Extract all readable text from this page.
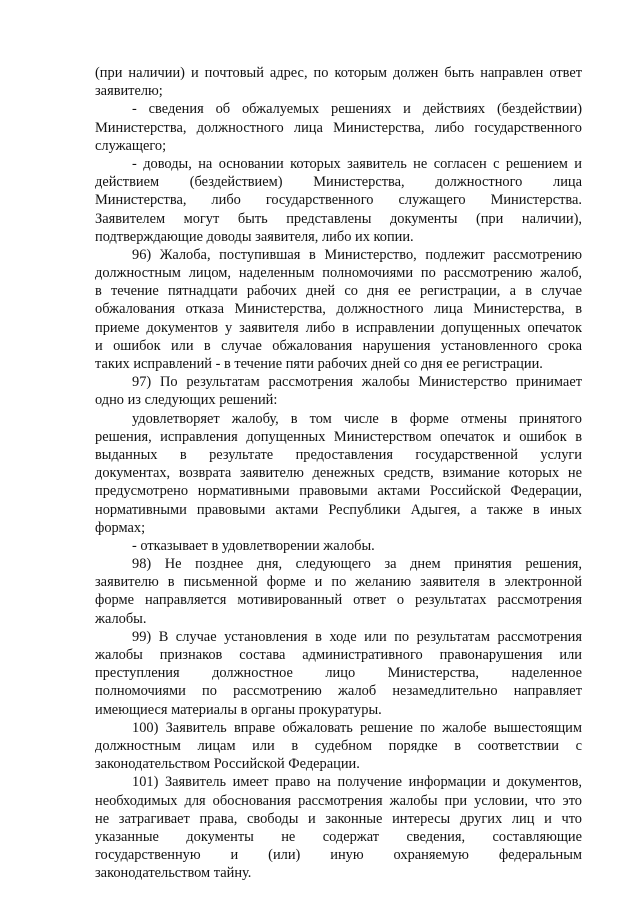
(при наличии) и почтовый адрес, по которым должен быть направлен ответ
заявителю;
- сведения об обжалуемых решениях и действиях (бездействии)
Министерства, должностного лица Министерства, либо государственного
служащего;
- доводы, на основании которых заявитель не согласен с решением и
действием (бездействием) Министерства, должностного лица
Министерства, либо государственного служащего Министерства.
Заявителем могут быть представлены документы (при наличии),
подтверждающие доводы заявителя, либо их копии.
96) Жалоба, поступившая в Министерство, подлежит рассмотрению
должностным лицом, наделенным полномочиями по рассмотрению жалоб,
в течение пятнадцати рабочих дней со дня ее регистрации, а в случае
обжалования отказа Министерства, должностного лица Министерства, в
приеме документов у заявителя либо в исправлении допущенных опечаток
и ошибок или в случае обжалования нарушения установленного срока
таких исправлений - в течение пяти рабочих дней со дня ее регистрации.
97) По результатам рассмотрения жалобы Министерство принимает
одно из следующих решений:
удовлетворяет жалобу, в том числе в форме отмены принятого
решения, исправления допущенных Министерством опечаток и ошибок в
выданных в результате предоставления государственной услуги
документах, возврата заявителю денежных средств, взимание которых не
предусмотрено нормативными правовыми актами Российской Федерации,
нормативными правовыми актами Республики Адыгея, а также в иных
формах;
- отказывает в удовлетворении жалобы.
98) Не позднее дня, следующего за днем принятия решения,
заявителю в письменной форме и по желанию заявителя в электронной
форме направляется мотивированный ответ о результатах рассмотрения
жалобы.
99) В случае установления в ходе или по результатам рассмотрения
жалобы признаков состава административного правонарушения или
преступления должностное лицо Министерства, наделенное
полномочиями по рассмотрению жалоб незамедлительно направляет
имеющиеся материалы в органы прокуратуры.
100) Заявитель вправе обжаловать решение по жалобе вышестоящим
должностным лицам или в судебном порядке в соответствии с
законодательством Российской Федерации.
101) Заявитель имеет право на получение информации и документов,
необходимых для обоснования рассмотрения жалобы при условии, что это
не затрагивает права, свободы и законные интересы других лиц и что
указанные документы не содержат сведения, составляющие
государственную и (или) иную охраняемую федеральным
законодательством тайну.
